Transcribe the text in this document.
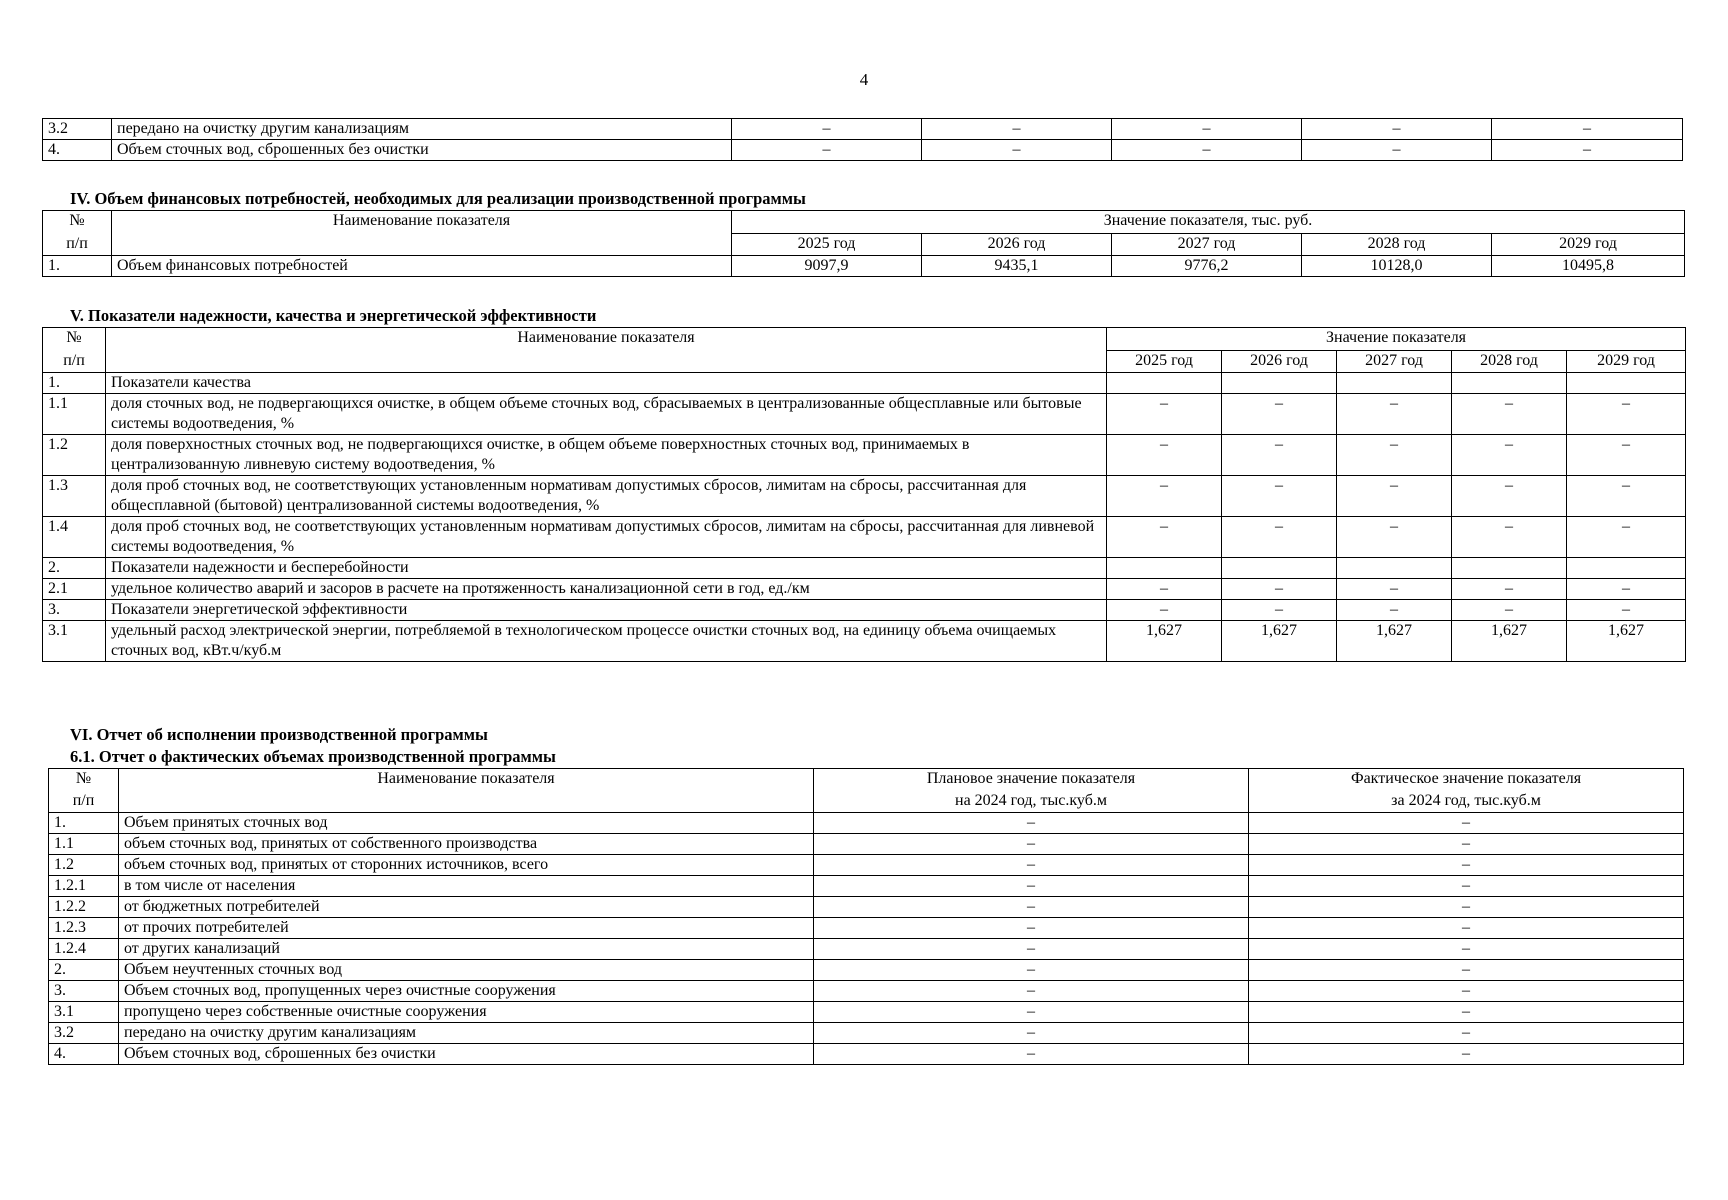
4
3.2	передано на очистку другим канализациям	–	–	–	–	–
4.	Объем сточных вод, сброшенных без очистки	–	–	–	–	–
IV. Объем финансовых потребностей, необходимых для реализации производственной программы
№	Наименование показателя	Значение показателя, тыс. руб.				
п/п		2025 год	2026 год	2027 год	2028 год	2029 год
1.	Объем финансовых потребностей	9097,9	9435,1	9776,2	10128,0	10495,8
V. Показатели надежности, качества и энергетической эффективности
№	Наименование показателя	Значение показателя				
п/п		2025 год	2026 год	2027 год	2028 год	2029 год
1.	Показатели качества					
1.1	доля сточных вод, не подвергающихся очистке, в общем объеме сточных вод, сбрасываемых в централизованные общесплавные или бытовые системы водоотведения, %	–	–	–	–	–
1.2	доля поверхностных сточных вод, не подвергающихся очистке, в общем объеме поверхностных сточных вод, принимаемых в централизованную ливневую систему водоотведения, %	–	–	–	–	–
1.3	доля проб сточных вод, не соответствующих установленным нормативам допустимых сбросов, лимитам на сбросы, рассчитанная для общесплавной (бытовой) централизованной системы водоотведения, %	–	–	–	–	–
1.4	доля проб сточных вод, не соответствующих установленным нормативам допустимых сбросов, лимитам на сбросы, рассчитанная для ливневой системы водоотведения, %	–	–	–	–	–
2.	Показатели надежности и бесперебойности					
2.1	удельное количество аварий и засоров в расчете на протяженность канализационной сети в год, ед./км	–	–	–	–	–
3.	Показатели энергетической эффективности	–	–	–	–	–
3.1	удельный расход электрической энергии, потребляемой в технологическом процессе очистки сточных вод, на единицу объема очищаемых сточных вод, кВт.ч/куб.м	1,627	1,627	1,627	1,627	1,627
VI. Отчет об исполнении производственной программы
6.1. Отчет о фактических объемах производственной программы
№	Наименование показателя	Плановое значение показателя	Фактическое значение показателя
п/п		на 2024 год, тыс.куб.м	за 2024 год, тыс.куб.м
1.	Объем принятых сточных вод	–	–
1.1	объем сточных вод, принятых от собственного производства	–	–
1.2	объем сточных вод, принятых от сторонних источников, всего	–	–
1.2.1	в том числе от населения	–	–
1.2.2	от бюджетных потребителей	–	–
1.2.3	от прочих потребителей	–	–
1.2.4	от других канализаций	–	–
2.	Объем неучтенных сточных вод	–	–
3.	Объем сточных вод, пропущенных через очистные сооружения	–	–
3.1	пропущено через собственные очистные сооружения	–	–
3.2	передано на очистку другим канализациям	–	–
4.	Объем сточных вод, сброшенных без очистки	–	–
